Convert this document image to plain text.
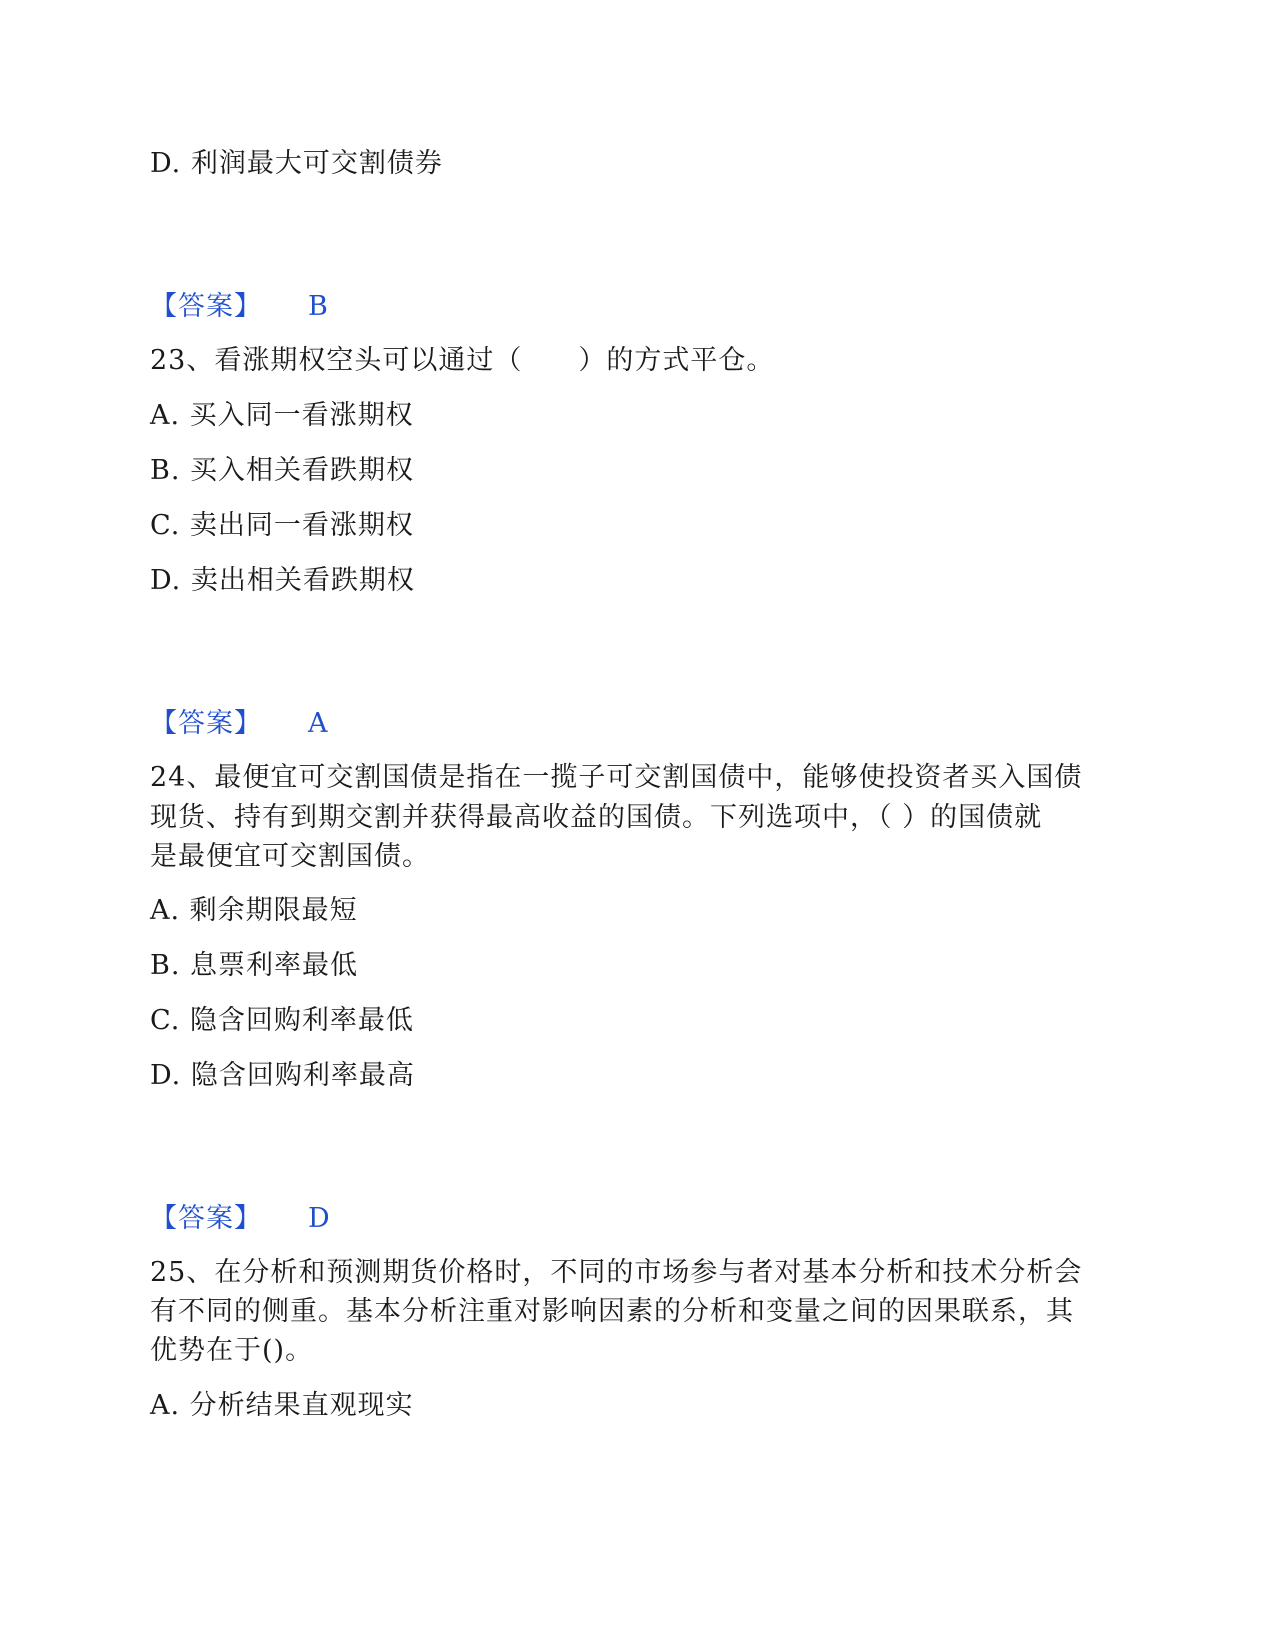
D. 利润最大可交割债券
【答案】 B
23、看涨期权空头可以通过（　　）的方式平仓。
A. 买入同一看涨期权
B. 买入相关看跌期权
C. 卖出同一看涨期权
D. 卖出相关看跌期权
【答案】 A
24、最便宜可交割国债是指在一揽子可交割国债中，能够使投资者买入国债
现货、持有到期交割并获得最高收益的国债。下列选项中，（ ）的国债就
是最便宜可交割国债。
A. 剩余期限最短
B. 息票利率最低
C. 隐含回购利率最低
D. 隐含回购利率最高
【答案】 D
25、在分析和预测期货价格时，不同的市场参与者对基本分析和技术分析会
有不同的侧重。基本分析注重对影响因素的分析和变量之间的因果联系，其
优势在于()。
A. 分析结果直观现实
